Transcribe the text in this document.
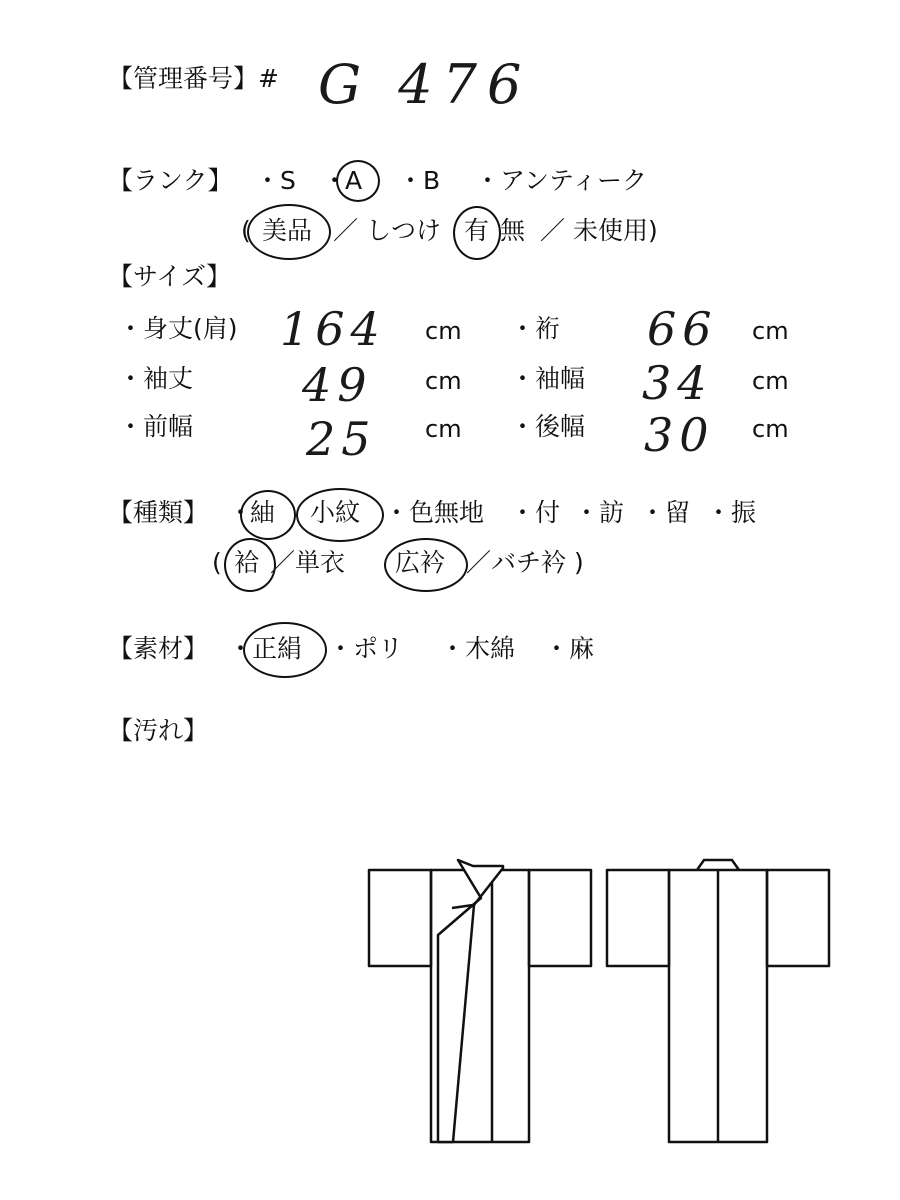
【管理番号】# G 476
【ランク】 ・S ・
A ・B ・アンティーク
( 美品 ／ しつけ 有 無 ／ 未使用)
【サイズ】
・身丈(肩) 164 cm ・裄 66 cm
・袖丈 49 cm ・袖幅 34 cm
・前幅 25 cm ・後幅 30 cm
【種類】 ・
紬 小紋 ・色無地 ・付 ・訪 ・留 ・振
( 袷 ／単衣 広衿 ／バチ衿 )
【素材】 ・
正絹 ・ポリ ・木綿 ・麻
【汚れ】
